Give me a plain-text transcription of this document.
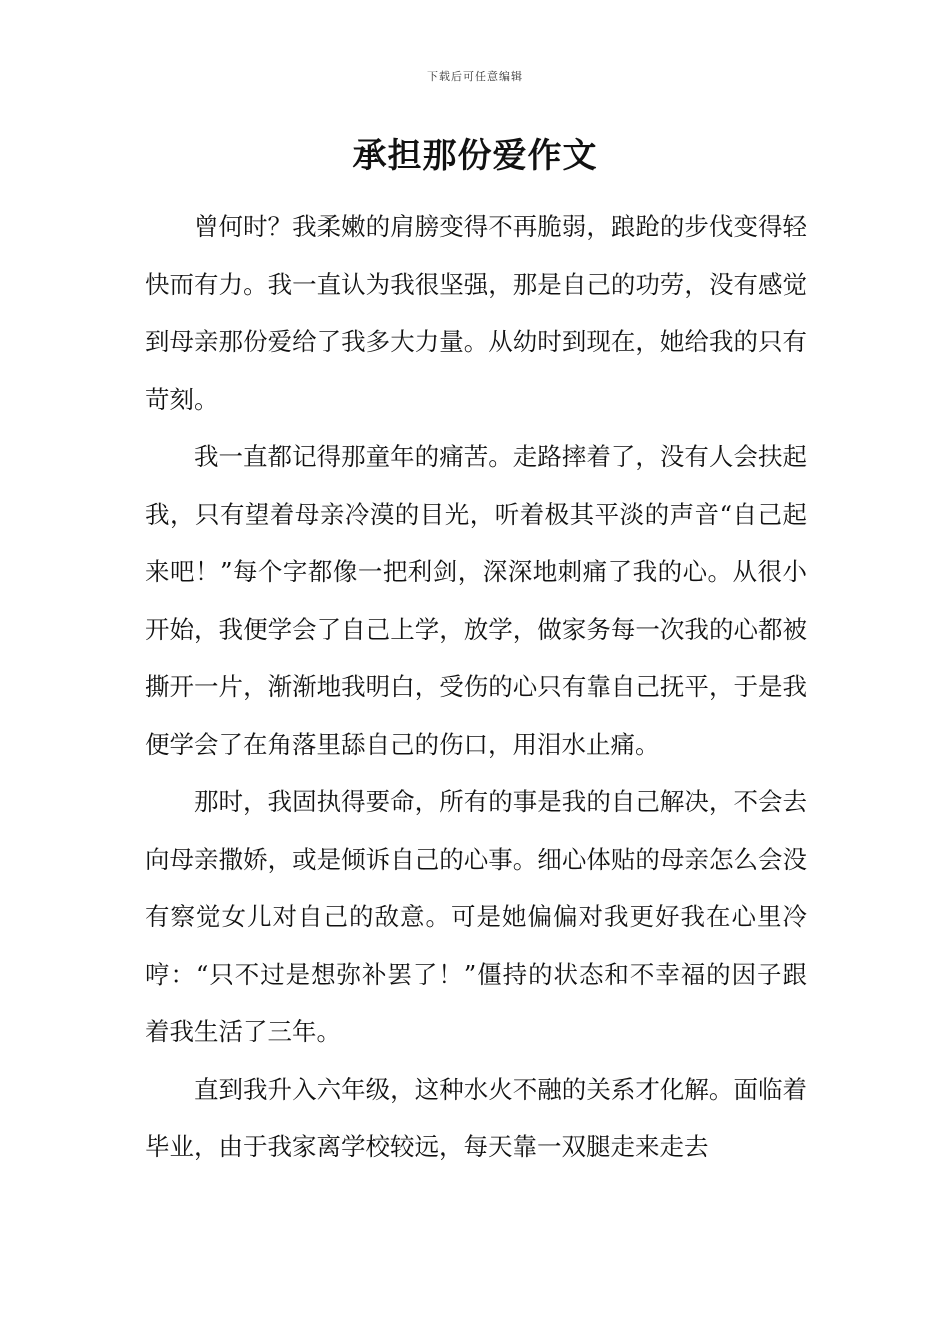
下载后可任意编辑
承担那份爱作文

曾何时？我柔嫩的肩膀变得不再脆弱，踉跄的步伐变得轻快而有力。我一直认为我很坚强，那是自己的功劳，没有感觉到母亲那份爱给了我多大力量。从幼时到现在，她给我的只有苛刻。

我一直都记得那童年的痛苦。走路摔着了，没有人会扶起我，只有望着母亲冷漠的目光，听着极其平淡的声音“自己起来吧！”每个字都像一把利剑，深深地刺痛了我的心。从很小开始，我便学会了自己上学，放学，做家务每一次我的心都被撕开一片，渐渐地我明白，受伤的心只有靠自己抚平，于是我便学会了在角落里舔自己的伤口，用泪水止痛。

那时，我固执得要命，所有的事是我的自己解决，不会去向母亲撒娇，或是倾诉自己的心事。细心体贴的母亲怎么会没有察觉女儿对自己的敌意。可是她偏偏对我更好我在心里冷哼：“只不过是想弥补罢了！”僵持的状态和不幸福的因子跟着我生活了三年。

直到我升入六年级，这种水火不融的关系才化解。面临着毕业，由于我家离学校较远，每天靠一双腿走来走去
